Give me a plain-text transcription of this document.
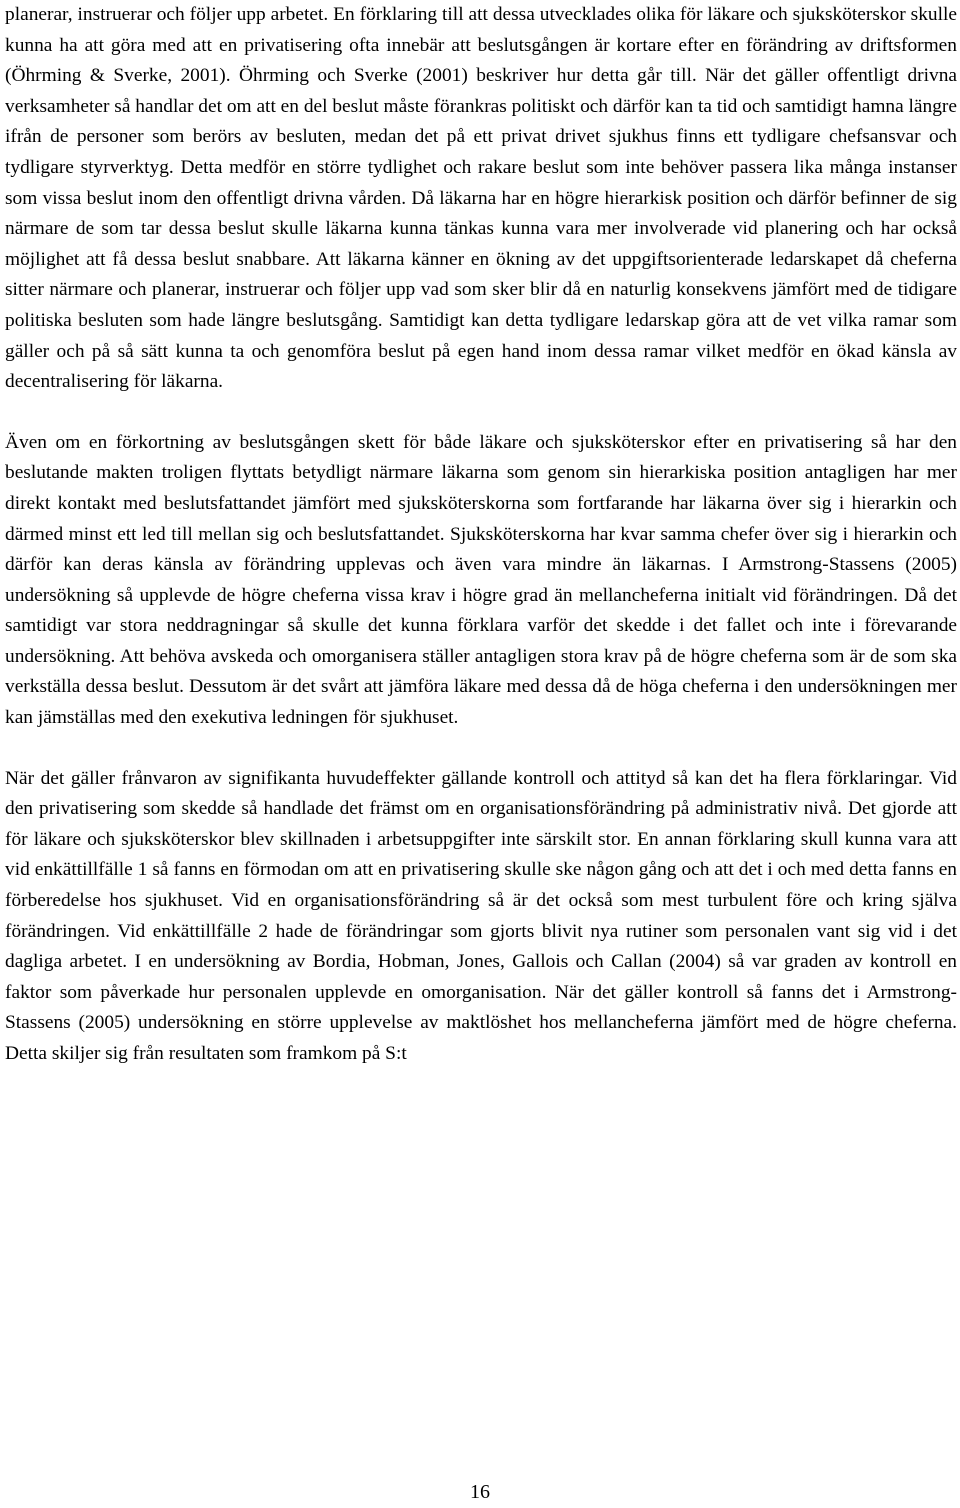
planerar, instruerar och följer upp arbetet. En förklaring till att dessa utvecklades olika för läkare och sjuksköterskor skulle kunna ha att göra med att en privatisering ofta innebär att beslutsgången är kortare efter en förändring av driftsformen (Öhrming & Sverke, 2001). Öhrming och Sverke (2001) beskriver hur detta går till. När det gäller offentligt drivna verksamheter så handlar det om att en del beslut måste förankras politiskt och därför kan ta tid och samtidigt hamna längre ifrån de personer som berörs av besluten, medan det på ett privat drivet sjukhus finns ett tydligare chefsansvar och tydligare styrverktyg. Detta medför en större tydlighet och rakare beslut som inte behöver passera lika många instanser som vissa beslut inom den offentligt drivna vården. Då läkarna har en högre hierarkisk position och därför befinner de sig närmare de som tar dessa beslut skulle läkarna kunna tänkas kunna vara mer involverade vid planering och har också möjlighet att få dessa beslut snabbare. Att läkarna känner en ökning av det uppgiftsorienterade ledarskapet då cheferna sitter närmare och planerar, instruerar och följer upp vad som sker blir då en naturlig konsekvens jämfört med de tidigare politiska besluten som hade längre beslutsgång. Samtidigt kan detta tydligare ledarskap göra att de vet vilka ramar som gäller och på så sätt kunna ta och genomföra beslut på egen hand inom dessa ramar vilket medför en ökad känsla av decentralisering för läkarna.

Även om en förkortning av beslutsgången skett för både läkare och sjuksköterskor efter en privatisering så har den beslutande makten troligen flyttats betydligt närmare läkarna som genom sin hierarkiska position antagligen har mer direkt kontakt med beslutsfattandet jämfört med sjuksköterskorna som fortfarande har läkarna över sig i hierarkin och därmed minst ett led till mellan sig och beslutsfattandet. Sjuksköterskorna har kvar samma chefer över sig i hierarkin och därför kan deras känsla av förändring upplevas och även vara mindre än läkarnas. I Armstrong-Stassens (2005) undersökning så upplevde de högre cheferna vissa krav i högre grad än mellancheferna initialt vid förändringen. Då det samtidigt var stora neddragningar så skulle det kunna förklara varför det skedde i det fallet och inte i förevarande undersökning. Att behöva avskeda och omorganisera ställer antagligen stora krav på de högre cheferna som är de som ska verkställa dessa beslut. Dessutom är det svårt att jämföra läkare med dessa då de höga cheferna i den undersökningen mer kan jämställas med den exekutiva ledningen för sjukhuset.

När det gäller frånvaron av signifikanta huvudeffekter gällande kontroll och attityd så kan det ha flera förklaringar. Vid den privatisering som skedde så handlade det främst om en organisationsförändring på administrativ nivå. Det gjorde att för läkare och sjuksköterskor blev skillnaden i arbetsuppgifter inte särskilt stor. En annan förklaring skull kunna vara att vid enkättillfälle 1 så fanns en förmodan om att en privatisering skulle ske någon gång och att det i och med detta fanns en förberedelse hos sjukhuset. Vid en organisationsförändring så är det också som mest turbulent före och kring själva förändringen. Vid enkättillfälle 2 hade de förändringar som gjorts blivit nya rutiner som personalen vant sig vid i det dagliga arbetet. I en undersökning av Bordia, Hobman, Jones, Gallois och Callan (2004) så var graden av kontroll en faktor som påverkade hur personalen upplevde en omorganisation. När det gäller kontroll så fanns det i Armstrong-Stassens (2005) undersökning en större upplevelse av maktlöshet hos mellancheferna jämfört med de högre cheferna. Detta skiljer sig från resultaten som framkom på S:t

16
